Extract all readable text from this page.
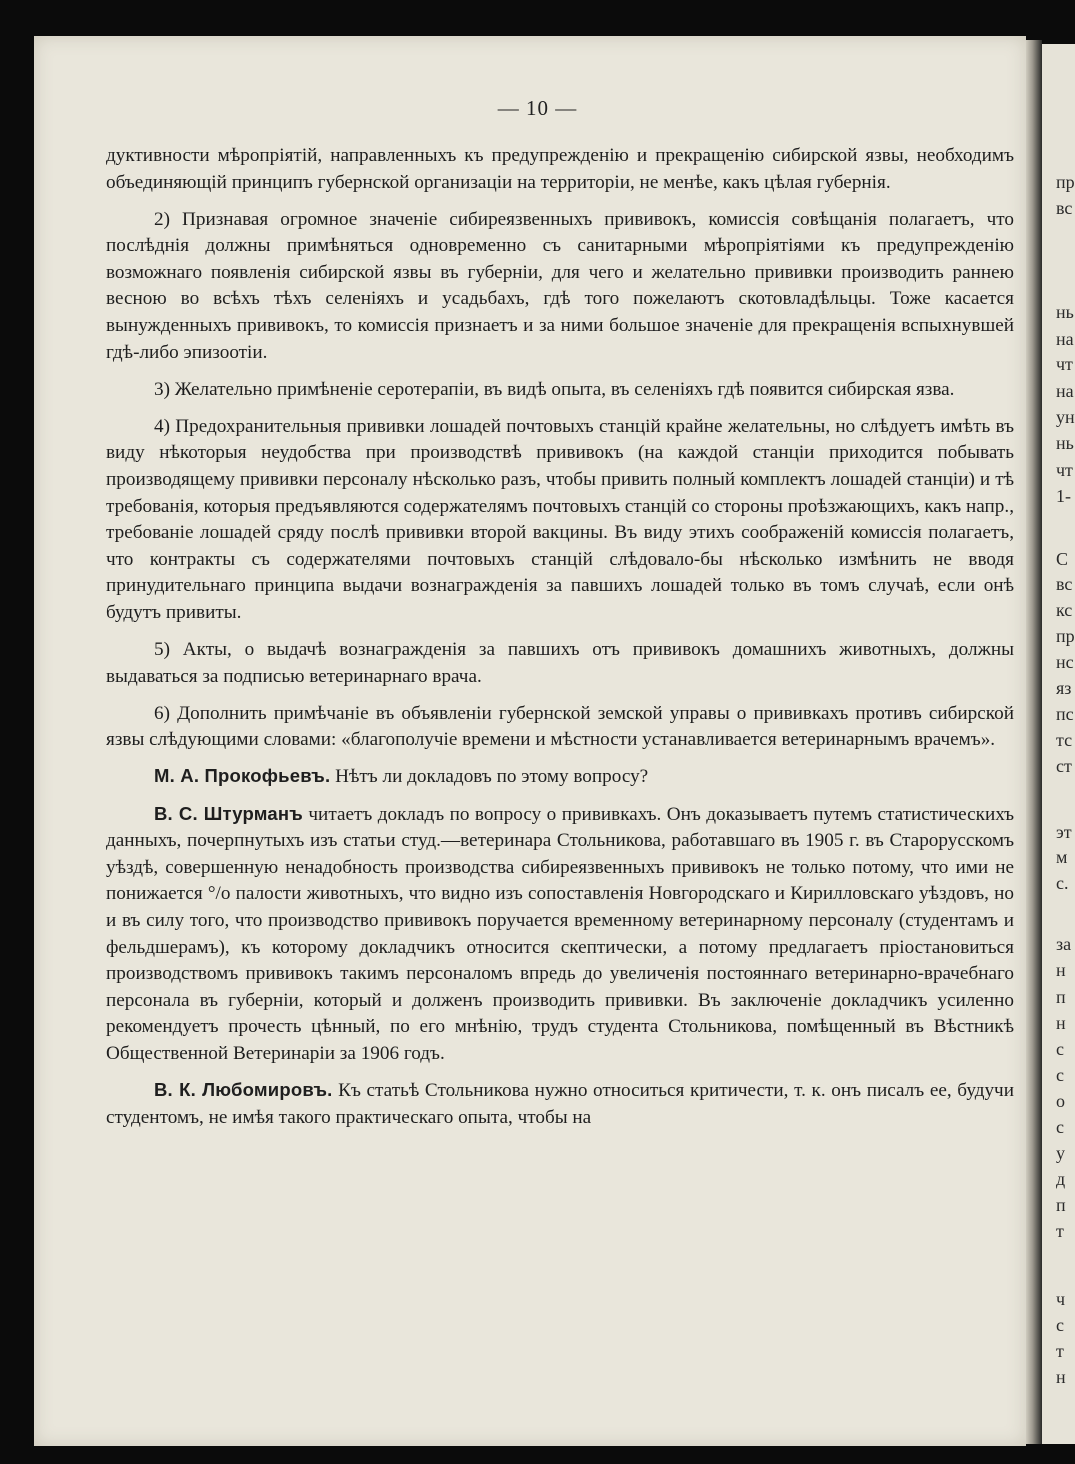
пр
вс
нь
на
чт
на
ун
нь
чт
1-
С
вс
кс
пр
нс
яз
пс
тс
ст
эт
м
с.
за
н
п
н
с
с
о
с
у
д
п
т
ч
с
т
н
— 10 —

дуктивности мѣропріятій, направленныхъ къ предупрежденію и прекращенію сибирской язвы, необходимъ объединяющій принципъ губернской организаціи на территоріи, не менѣе, какъ цѣлая губернія.

2) Признавая огромное значеніе сибиреязвенныхъ прививокъ, комиссія совѣщанія полагаетъ, что послѣднія должны примѣняться одновременно съ санитарными мѣропріятіями къ предупрежденію возможнаго появленія сибирской язвы въ губерніи, для чего и желательно прививки производить раннею весною во всѣхъ тѣхъ селеніяхъ и усадьбахъ, гдѣ того пожелаютъ скотовладѣльцы. Тоже касается вынужденныхъ прививокъ, то комиссія признаетъ и за ними большое значеніе для прекращенія вспыхнувшей гдѣ-либо эпизоотіи.

3) Желательно примѣненіе серотерапіи, въ видѣ опыта, въ селеніяхъ гдѣ появится сибирская язва.

4) Предохранительныя прививки лошадей почтовыхъ станцій крайне желательны, но слѣдуетъ имѣть въ виду нѣкоторыя неудобства при производствѣ прививокъ (на каждой станціи приходится побывать производящему прививки персоналу нѣсколько разъ, чтобы привить полный комплектъ лошадей станціи) и тѣ требованія, которыя предъявляются содержателямъ почтовыхъ станцій со стороны проѣзжающихъ, какъ напр., требованіе лошадей сряду послѣ прививки второй вакцины. Въ виду этихъ соображеній комиссія полагаетъ, что контракты съ содержателями почтовыхъ станцій слѣдовало-бы нѣсколько измѣнить не вводя принудительнаго принципа выдачи вознагражденія за павшихъ лошадей только въ томъ случаѣ, если онѣ будутъ привиты.

5) Акты, о выдачѣ вознагражденія за павшихъ отъ прививокъ домашнихъ животныхъ, должны выдаваться за подписью ветеринарнаго врача.

6) Дополнить примѣчаніе въ объявленіи губернской земской управы о прививкахъ противъ сибирской язвы слѣдующими словами: «благополучіе времени и мѣстности устанавливается ветеринарнымъ врачемъ».

М. А. Прокофьевъ. Нѣтъ ли докладовъ по этому вопросу?

В. С. Штурманъ читаетъ докладъ по вопросу о прививкахъ. Онъ доказываетъ путемъ статистическихъ данныхъ, почерпнутыхъ изъ статьи студ.—ветеринара Стольникова, работавшаго въ 1905 г. въ Старорусскомъ уѣздѣ, совершенную ненадобность производства сибиреязвенныхъ прививокъ не только потому, что ими не понижается °/о палости животныхъ, что видно изъ сопоставленія Новгородскаго и Кирилловскаго уѣздовъ, но и въ силу того, что производство прививокъ поручается временному ветеринарному персоналу (студентамъ и фельдшерамъ), къ которому докладчикъ относится скептически, а потому предлагаетъ пріостановиться производствомъ прививокъ такимъ персоналомъ впредь до увеличенія постояннаго ветеринарно-врачебнаго персонала въ губерніи, который и долженъ производить прививки. Въ заключеніе докладчикъ усиленно рекомендуетъ прочесть цѣнный, по его мнѣнію, трудъ студента Стольникова, помѣщенный въ Вѣстникѣ Общественной Ветеринаріи за 1906 годъ.

В. К. Любомировъ. Къ статьѣ Стольникова нужно относиться критичести, т. к. онъ писалъ ее, будучи студентомъ, не имѣя такого практическаго опыта, чтобы на
